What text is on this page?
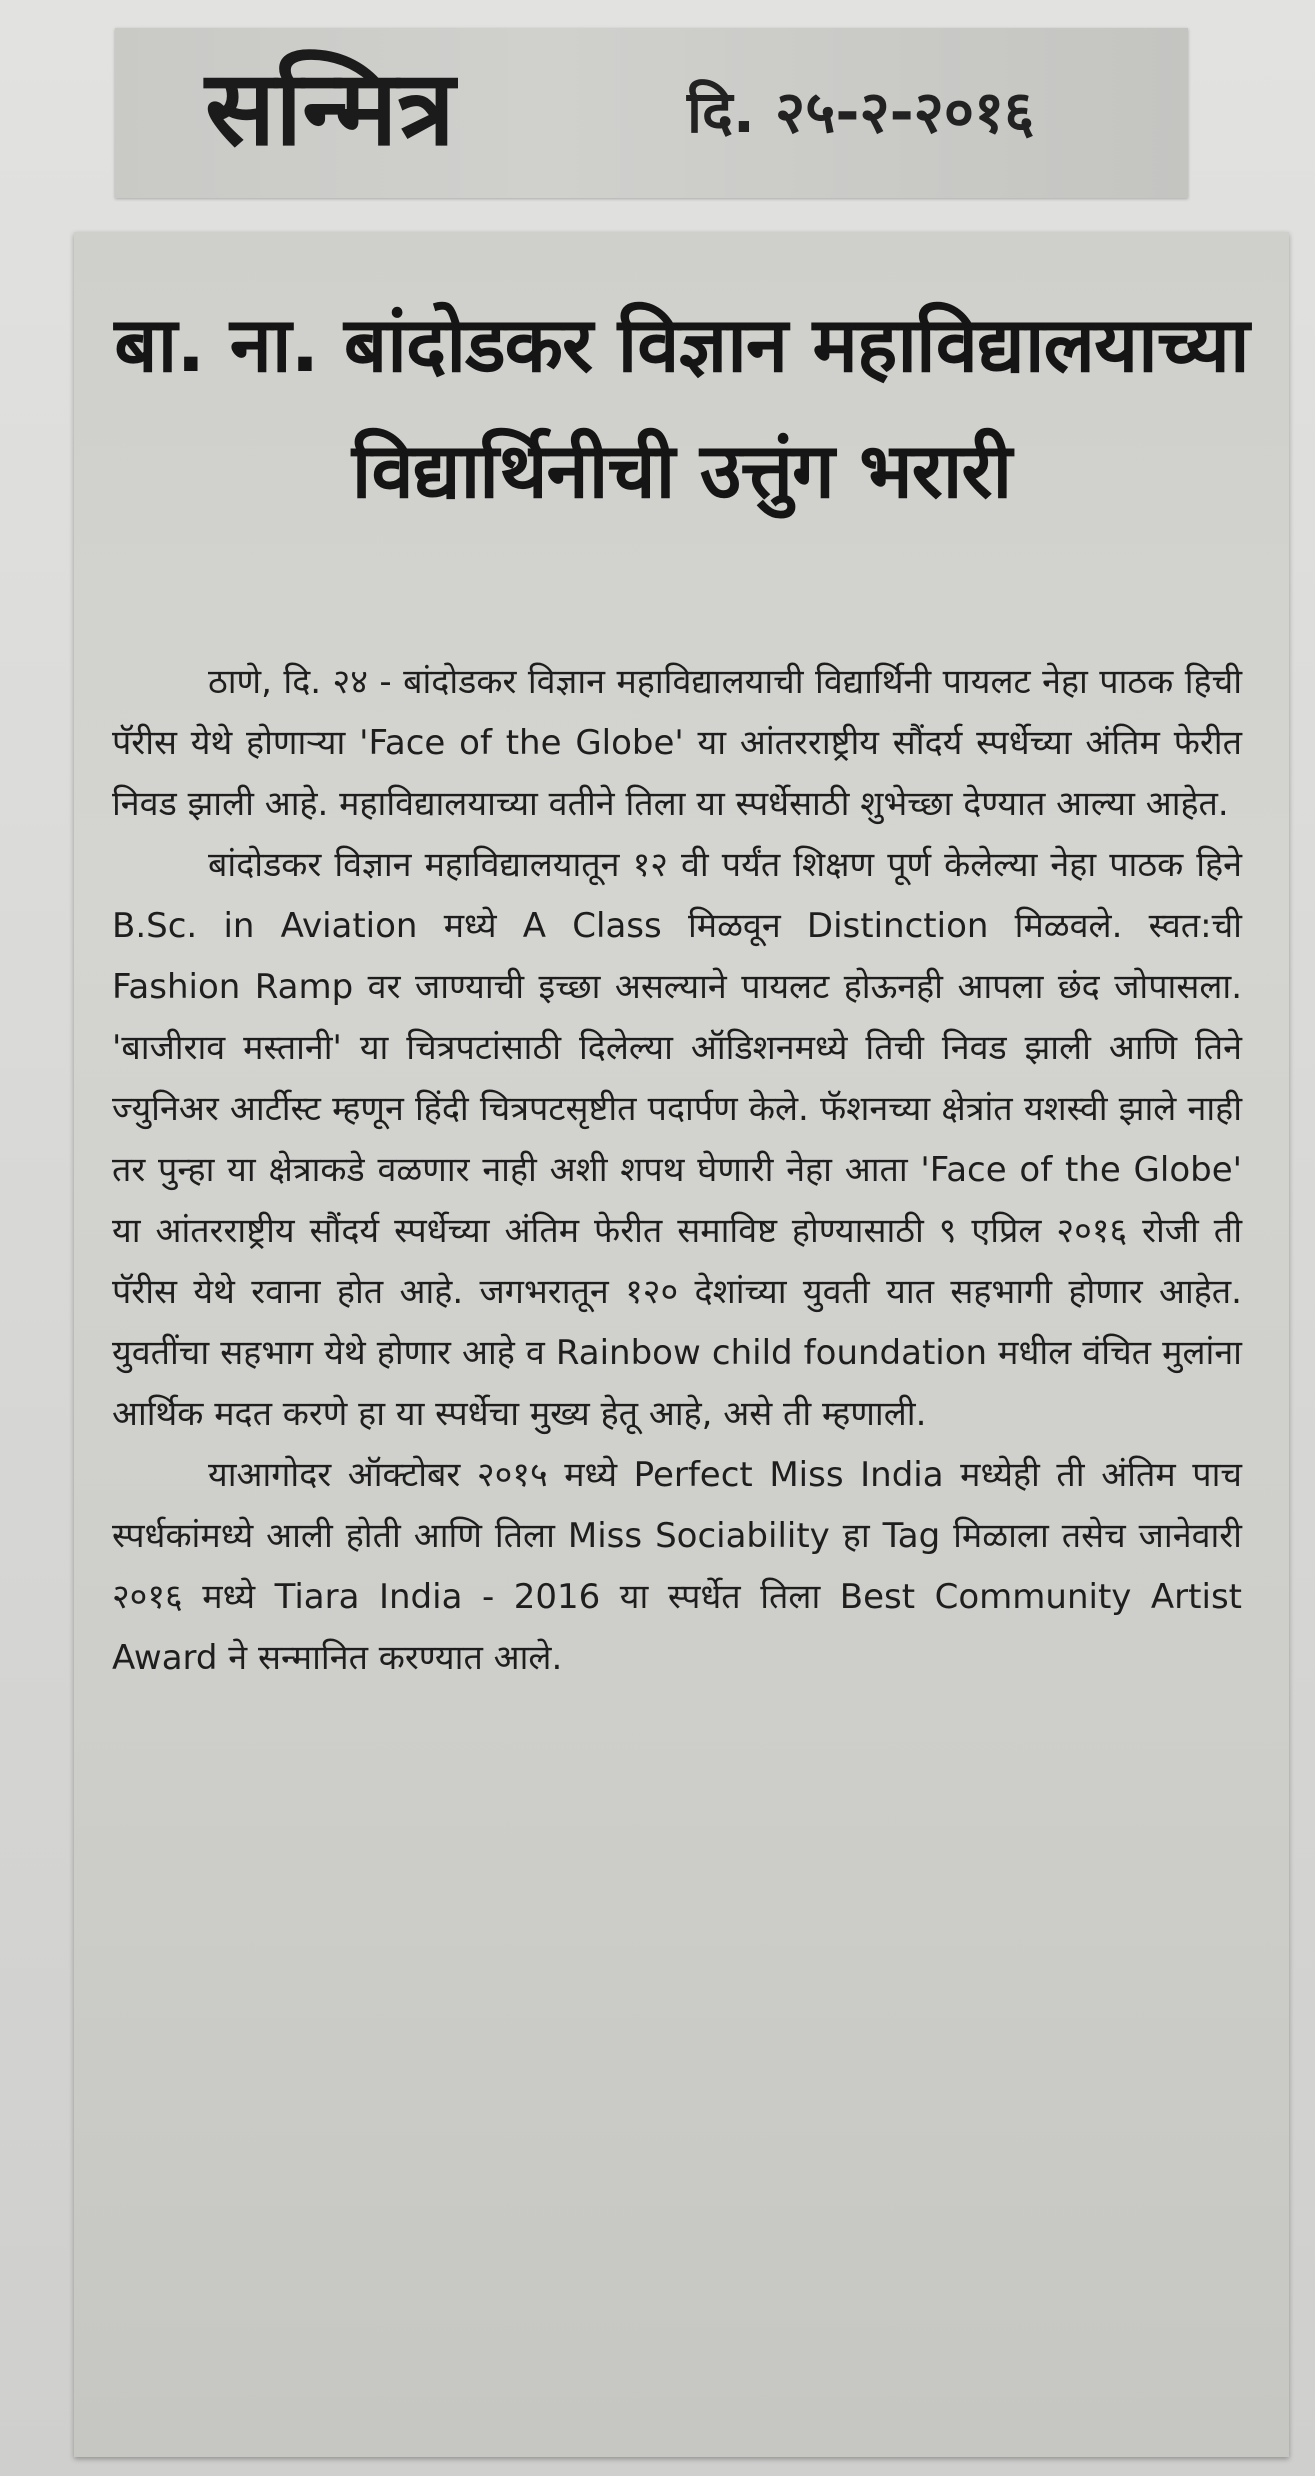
सन्मित्र	दि. २५-२-२०१६
बा. ना. बांदोडकर विज्ञान महाविद्यालयाच्या
विद्यार्थिनीची उत्तुंग भरारी

ठाणे, दि. २४ - बांदोडकर विज्ञान महाविद्यालयाची विद्यार्थिनी पायलट नेहा पाठक हिची पॅरीस येथे होणाऱ्या 'Face of the Globe' या आंतरराष्ट्रीय सौंदर्य स्पर्धेच्या अंतिम फेरीत निवड झाली आहे. महाविद्यालयाच्या वतीने तिला या स्पर्धेसाठी शुभेच्छा देण्यात आल्या आहेत.

बांदोडकर विज्ञान महाविद्यालयातून १२ वी पर्यंत शिक्षण पूर्ण केलेल्या नेहा पाठक हिने B.Sc. in Aviation मध्ये A Class मिळवून Distinction मिळवले. स्वत:ची Fashion Ramp वर जाण्याची इच्छा असल्याने पायलट होऊनही आपला छंद जोपासला. 'बाजीराव मस्तानी' या चित्रपटांसाठी दिलेल्या ऑडिशनमध्ये तिची निवड झाली आणि तिने ज्युनिअर आर्टीस्ट म्हणून हिंदी चित्रपटसृष्टीत पदार्पण केले. फॅशनच्या क्षेत्रांत यशस्वी झाले नाही तर पुन्हा या क्षेत्राकडे वळणार नाही अशी शपथ घेणारी नेहा आता 'Face of the Globe' या आंतरराष्ट्रीय सौंदर्य स्पर्धेच्या अंतिम फेरीत समाविष्ट होण्यासाठी ९ एप्रिल २०१६ रोजी ती पॅरीस येथे रवाना होत आहे. जगभरातून १२० देशांच्या युवती यात सहभागी होणार आहेत. युवतींचा सहभाग येथे होणार आहे व Rainbow child foundation मधील वंचित मुलांना आर्थिक मदत करणे हा या स्पर्धेचा मुख्य हेतू आहे, असे ती म्हणाली.

याआगोदर ऑक्टोबर २०१५ मध्ये Perfect Miss India मध्येही ती अंतिम पाच स्पर्धकांमध्ये आली होती आणि तिला Miss Sociability हा Tag मिळाला तसेच जानेवारी २०१६ मध्ये Tiara India - 2016 या स्पर्धेत तिला Best Community Artist Award ने सन्मानित करण्यात आले.
